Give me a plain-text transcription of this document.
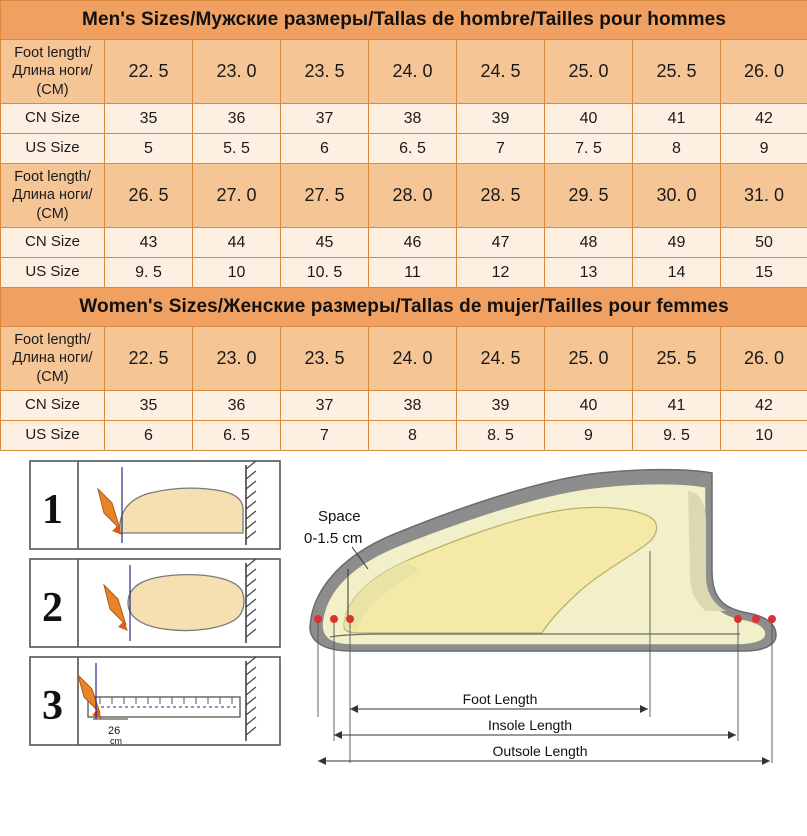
Men's Sizes/Мужские размеры/Tallas de hombre/Tailles pour hommes								

Foot length/
Длина ноги/
(CM)	22. 5	23. 0	23. 5	24. 0	24. 5	25. 0	25. 5	26. 0
CN Size	35	36	37	38	39	40	41	42
US Size	5	5. 5	6	6. 5	7	7. 5	8	9

Foot length/
Длина ноги/
(CM)	26. 5	27. 0	27. 5	28. 0	28. 5	29. 5	30. 0	31. 0
CN Size	43	44	45	46	47	48	49	50
US Size	9. 5	10	10. 5	11	12	13	14	15
Women's Sizes/Женские размеры/Tallas de mujer/Tailles pour femmes								

Foot length/
Длина ноги/
(CM)	22. 5	23. 0	23. 5	24. 0	24. 5	25. 0	25. 5	26. 0
CN Size	35	36	37	38	39	40	41	42
US Size	6	6. 5	7	8	8. 5	9	9. 5	10
1
2
3
26
cm
Space
0-1.5 cm
Foot Length
Insole Length
Outsole Length
